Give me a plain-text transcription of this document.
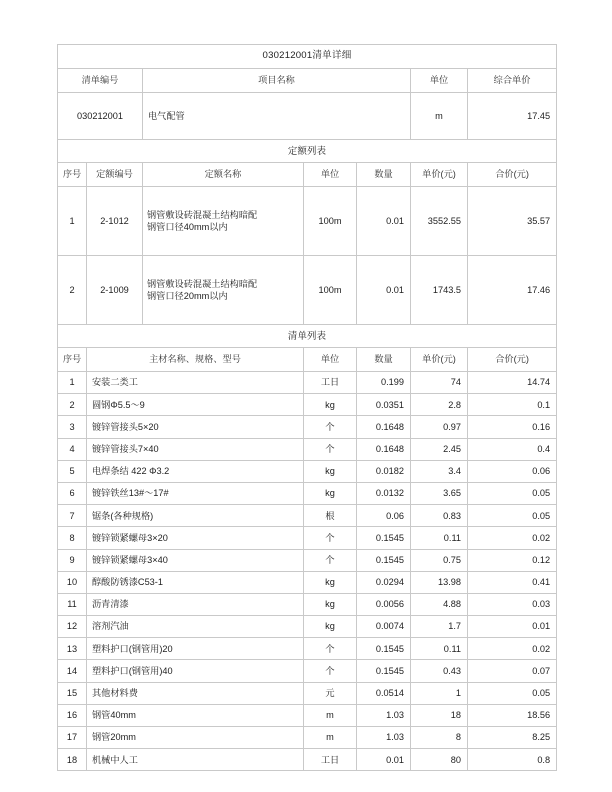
030212001清单详细						
清单编号		项目名称			单位	综合单价
030212001		电气配管			m	17.45
定额列表						
序号	定额编号	定额名称	单位	数量	单价(元)	合价(元)
1	2-1012	钢管敷设砖混凝土结构暗配
钢管口径40mm以内	100m	0.01	3552.55	35.57
2	2-1009	钢管敷设砖混凝土结构暗配
钢管口径20mm以内	100m	0.01	1743.5	17.46
清单列表						
序号	主材名称、规格、型号		单位	数量	单价(元)	合价(元)
1	安装二类工		工日	0.199	74	14.74
2	圆钢Φ5.5～9		kg	0.0351	2.8	0.1
3	镀锌管接头5×20		个	0.1648	0.97	0.16
4	镀锌管接头7×40		个	0.1648	2.45	0.4
5	电焊条结 422 Φ3.2		kg	0.0182	3.4	0.06
6	镀锌铁丝13#～17#		kg	0.0132	3.65	0.05
7	锯条(各种规格)		根	0.06	0.83	0.05
8	镀锌锁紧螺母3×20		个	0.1545	0.11	0.02
9	镀锌锁紧螺母3×40		个	0.1545	0.75	0.12
10	醇酸防锈漆C53-1		kg	0.0294	13.98	0.41
11	沥青清漆		kg	0.0056	4.88	0.03
12	溶剂汽油		kg	0.0074	1.7	0.01
13	塑料护口(钢管用)20		个	0.1545	0.11	0.02
14	塑料护口(钢管用)40		个	0.1545	0.43	0.07
15	其他材料费		元	0.0514	1	0.05
16	钢管40mm		m	1.03	18	18.56
17	钢管20mm		m	1.03	8	8.25
18	机械中人工		工日	0.01	80	0.8
